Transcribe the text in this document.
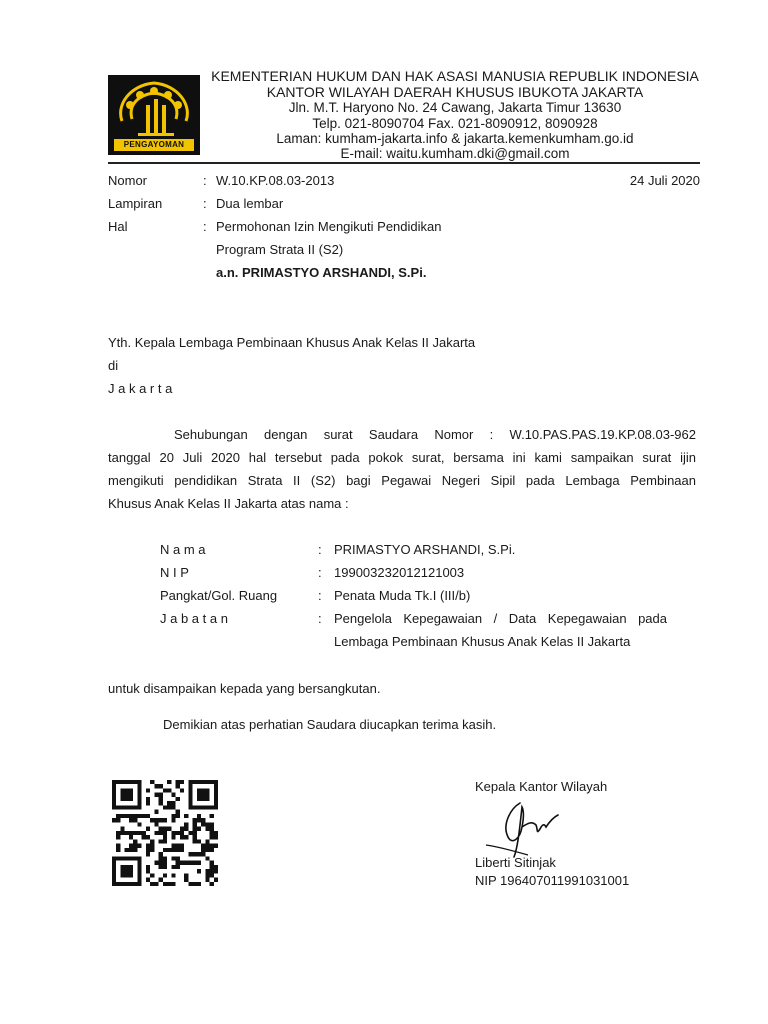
PENGAYOMAN
KEMENTERIAN HUKUM DAN HAK ASASI MANUSIA REPUBLIK INDONESIA
KANTOR WILAYAH DAERAH KHUSUS IBUKOTA JAKARTA
Jln. M.T. Haryono No. 24 Cawang, Jakarta Timur 13630
Telp. 021-8090704 Fax. 021-8090912, 8090928
Laman: kumham-jakarta.info & jakarta.kemenkumham.go.id
E-mail: waitu.kumham.dki@gmail.com
Nomor	: W.10.KP.08.03-2013	24 Juli 2020
Lampiran	: Dua lembar
Hal	: Permohonan Izin Mengikuti Pendidikan
Program Strata II (S2)
a.n. PRIMASTYO ARSHANDI, S.Pi.
Yth. Kepala Lembaga Pembinaan Khusus Anak Kelas II Jakarta
di
J a k a r t a
Sehubungan dengan surat Saudara Nomor : W.10.PAS.PAS.19.KP.08.03-962
tanggal 20 Juli 2020 hal tersebut pada pokok surat, bersama ini kami sampaikan surat ijin
mengikuti pendidikan Strata II (S2) bagi Pegawai Negeri Sipil pada Lembaga Pembinaan
Khusus Anak Kelas II Jakarta atas nama :
N a m a	: PRIMASTYO ARSHANDI, S.Pi.
N I P	: 199003232012121003
Pangkat/Gol. Ruang	: Penata Muda Tk.I (III/b)
J a b a t a n	: Pengelola Kepegawaian / Data Kepegawaian pada
Lembaga Pembinaan Khusus Anak Kelas II Jakarta
untuk disampaikan kepada yang bersangkutan.
Demikian atas perhatian Saudara diucapkan terima kasih.
Kepala Kantor Wilayah
Liberti Sitinjak
NIP 196407011991031001
